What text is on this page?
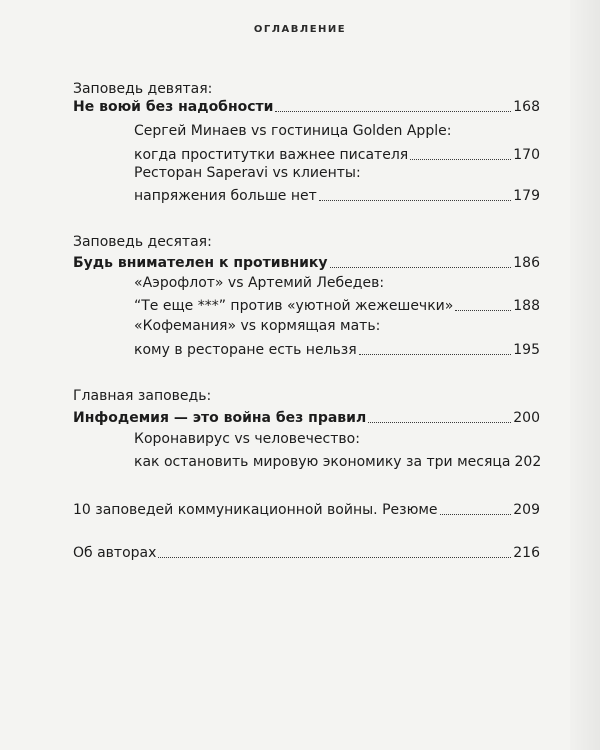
ОГЛАВЛЕНИЕ
Заповедь девятая:
Не воюй без надобности	168
Сергей Минаев vs гостиница Golden Apple:
когда проститутки важнее писателя	170
Ресторан Saperavi vs клиенты:
напряжения больше нет	179
Заповедь десятая:
Будь внимателен к противнику	186
«Аэрофлот» vs Артемий Лебедев:
“Те еще ***” против «уютной жежешечки»	188
«Кофемания» vs кормящая мать:
кому в ресторане есть нельзя	195
Главная заповедь:
Инфодемия — это война без правил	200
Коронавирус vs человечество:
как остановить мировую экономику за три месяца 202
10 заповедей коммуникационной войны. Резюме	209
Об авторах	216
